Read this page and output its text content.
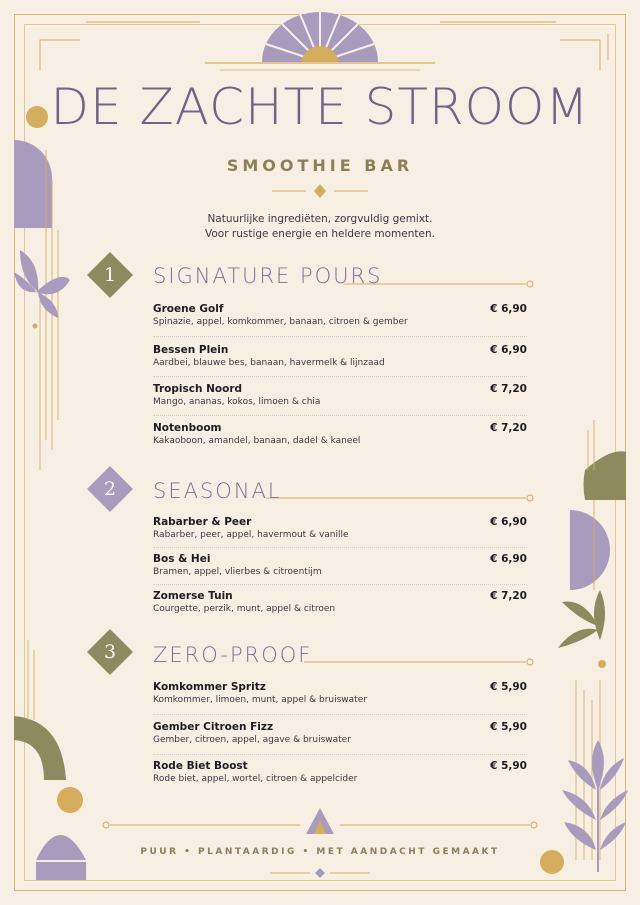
DE ZACHTE STROOM
SMOOTHIE BAR
Natuurlijke ingrediëten, zorgvuldig gemixt.
Voor rustige energie en heldere momenten.
1	SIGNATURE POURS
Groene Golf
Spinazie, appel, komkommer, banaan, citroen & gember
€ 6,90
Bessen Plein
Aardbei, blauwe bes, banaan, havermelk & lijnzaad
€ 6,90
Tropisch Noord
Mango, ananas, kokos, limoen & chia
€ 7,20
Notenboom
Kakaoboon, amandel, banaan, dadel & kaneel
€ 7,20
2	SEASONAL
Rabarber & Peer
Rabarber, peer, appel, havermout & vanille
€ 6,90
Bos & Hei
Bramen, appel, vlierbes & citroentijm
€ 6,90
Zomerse Tuin
Courgette, perzik, munt, appel & citroen
€ 7,20
3	ZERO-PROOF
Komkommer Spritz
Komkommer, limoen, munt, appel & bruiswater
€ 5,90
Gember Citroen Fizz
Gember, citroen, appel, agave & bruiswater
€ 5,90
Rode Biet Boost
Rode biet, appel, wortel, citroen & appelcider
€ 5,90
PUUR • PLANTAARDIG • MET AANDACHT GEMAAKT
